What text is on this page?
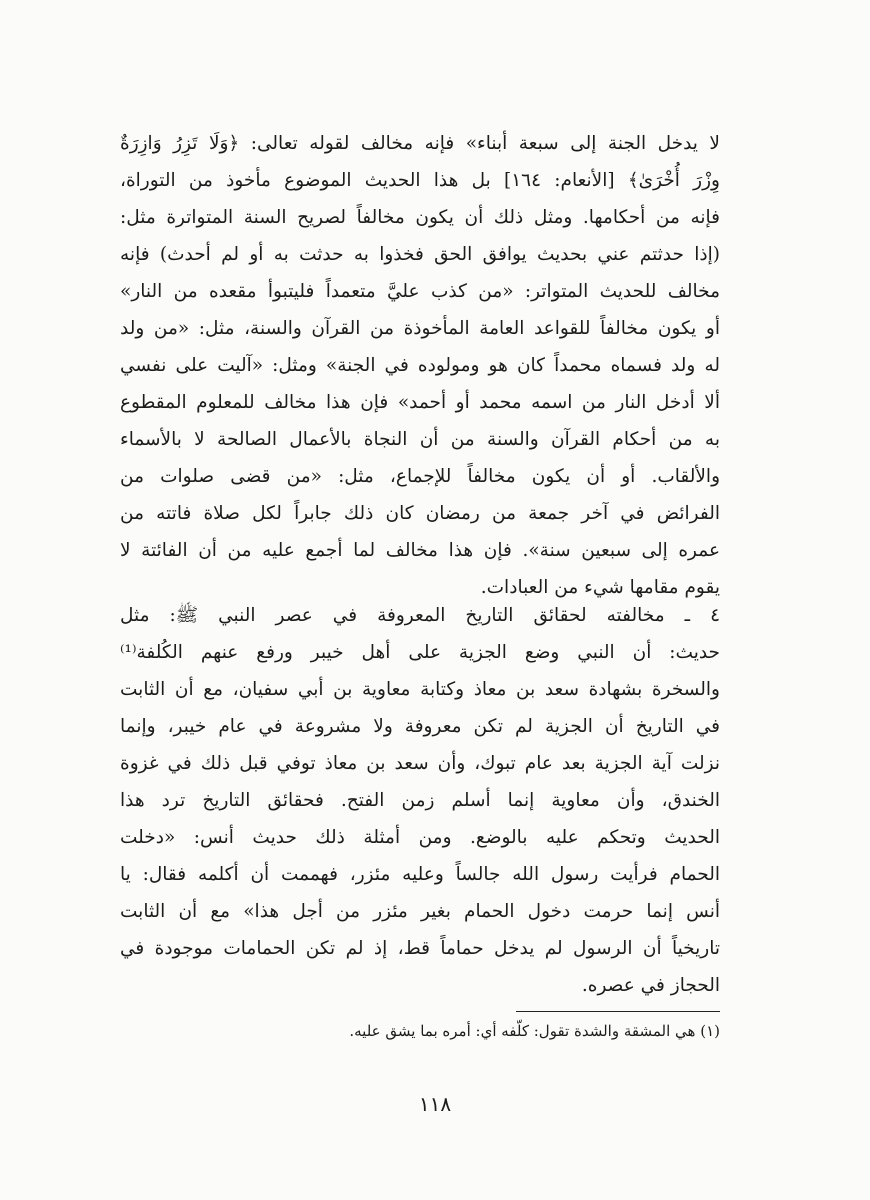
لا يدخل الجنة إلى سبعة أبناء» فإنه مخالف لقوله تعالى: ﴿وَلَا تَزِرُ وَازِرَةٌ
وِزْرَ أُخْرَىٰ﴾ [الأنعام: ١٦٤] بل هذا الحديث الموضوع مأخوذ من التوراة،
فإنه من أحكامها. ومثل ذلك أن يكون مخالفاً لصريح السنة المتواترة مثل:
(إذا حدثتم عني بحديث يوافق الحق فخذوا به حدثت به أو لم أحدث) فإنه
مخالف للحديث المتواتر: «من كذب عليَّ متعمداً فليتبوأ مقعده من النار»
أو يكون مخالفاً للقواعد العامة المأخوذة من القرآن والسنة، مثل: «من ولد
له ولد فسماه محمداً كان هو ومولوده في الجنة» ومثل: «آليت على نفسي
ألا أدخل النار من اسمه محمد أو أحمد» فإن هذا مخالف للمعلوم المقطوع
به من أحكام القرآن والسنة من أن النجاة بالأعمال الصالحة لا بالأسماء
والألقاب. أو أن يكون مخالفاً للإجماع، مثل: «من قضى صلوات من
الفرائض في آخر جمعة من رمضان كان ذلك جابراً لكل صلاة فاتته من
عمره إلى سبعين سنة». فإن هذا مخالف لما أجمع عليه من أن الفائتة لا
يقوم مقامها شيء من العبادات.
٤ ـ مخالفته لحقائق التاريخ المعروفة في عصر النبي ﷺ: مثل
حديث: أن النبي وضع الجزية على أهل خيبر ورفع عنهم الكُلفة⁽¹⁾
والسخرة بشهادة سعد بن معاذ وكتابة معاوية بن أبي سفيان، مع أن الثابت
في التاريخ أن الجزية لم تكن معروفة ولا مشروعة في عام خيبر، وإنما
نزلت آية الجزية بعد عام تبوك، وأن سعد بن معاذ توفي قبل ذلك في غزوة
الخندق، وأن معاوية إنما أسلم زمن الفتح. فحقائق التاريخ ترد هذا
الحديث وتحكم عليه بالوضع. ومن أمثلة ذلك حديث أنس: «دخلت
الحمام فرأيت رسول الله جالساً وعليه مئزر، فهممت أن أكلمه فقال: يا
أنس إنما حرمت دخول الحمام بغير مئزر من أجل هذا» مع أن الثابت
تاريخياً أن الرسول لم يدخل حماماً قط، إذ لم تكن الحمامات موجودة في
الحجاز في عصره.
(١) هي المشقة والشدة تقول: كلّفه أي: أمره بما يشق عليه.
١١٨
